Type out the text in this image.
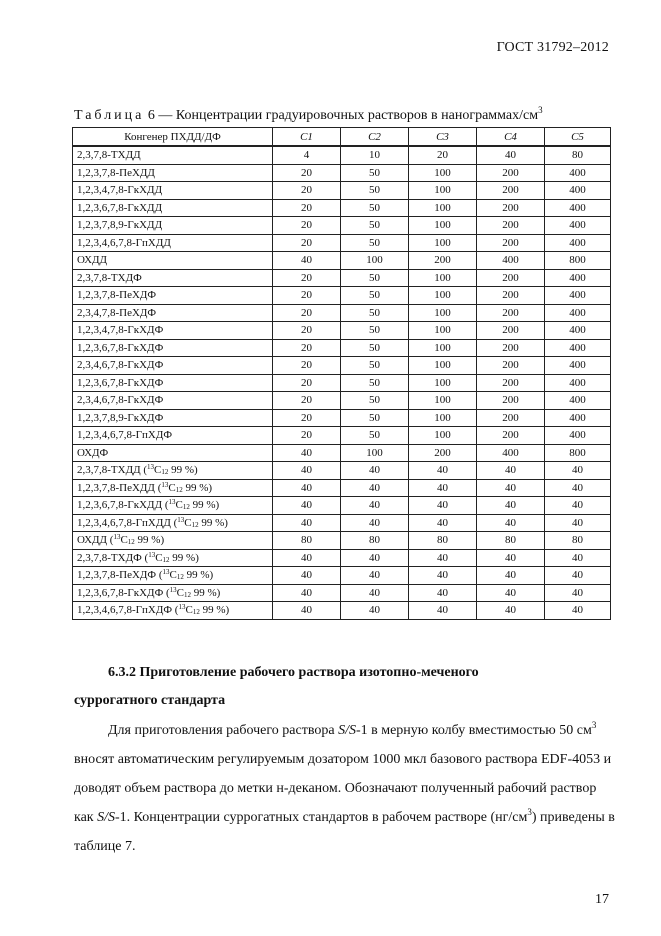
ГОСТ 31792–2012
Таблица 6 — Концентрации градуировочных растворов в нанограммах/$см^3$
Конгенер ПХДД/ДФ	C1	C2	C3	C4	C5
2,3,7,8-ТХДД	4	10	20	40	80
1,2,3,7,8-ПеХДД	20	50	100	200	400
1,2,3,4,7,8-ГкХДД	20	50	100	200	400
1,2,3,6,7,8-ГкХДД	20	50	100	200	400
1,2,3,7,8,9-ГкХДД	20	50	100	200	400
1,2,3,4,6,7,8-ГпХДД	20	50	100	200	400
ОХДД	40	100	200	400	800
2,3,7,8-ТХДФ	20	50	100	200	400
1,2,3,7,8-ПеХДФ	20	50	100	200	400
2,3,4,7,8-ПеХДФ	20	50	100	200	400
1,2,3,4,7,8-ГкХДФ	20	50	100	200	400
1,2,3,6,7,8-ГкХДФ	20	50	100	200	400
2,3,4,6,7,8-ГкХДФ	20	50	100	200	400
1,2,3,6,7,8-ГкХДФ	20	50	100	200	400
2,3,4,6,7,8-ГкХДФ	20	50	100	200	400
1,2,3,7,8,9-ГкХДФ	20	50	100	200	400
1,2,3,4,6,7,8-ГпХДФ	20	50	100	200	400
ОХДФ	40	100	200	400	800
2,3,7,8-ТХДД ($^{13}C_{12}$ 99 %)	40	40	40	40	40
1,2,3,7,8-ПеХДД ($^{13}C_{12}$ 99 %)	40	40	40	40	40
1,2,3,6,7,8-ГкХДД ($^{13}C_{12}$ 99 %)	40	40	40	40	40
1,2,3,4,6,7,8-ГпХДД ($^{13}C_{12}$ 99 %)	40	40	40	40	40
ОХДД ($^{13}C_{12}$ 99 %)	80	80	80	80	80
2,3,7,8-ТХДФ ($^{13}C_{12}$ 99 %)	40	40	40	40	40
1,2,3,7,8-ПеХДФ ($^{13}C_{12}$ 99 %)	40	40	40	40	40
1,2,3,6,7,8-ГкХДФ ($^{13}C_{12}$ 99 %)	40	40	40	40	40
1,2,3,4,6,7,8-ГпХДФ ($^{13}C_{12}$ 99 %)	40	40	40	40	40
6.3.2 Приготовление рабочего раствора изотопно-меченого
суррогатного стандарта
Для приготовления рабочего раствора S/S-1 в мерную колбу вместимостью 50 $см^3$ вносят автоматическим регулируемым дозатором 1000 мкл базового раствора EDF-4053 и доводят объем раствора до метки н-деканом. Обозначают полученный рабочий раствор как S/S-1. Концентрации суррогатных стандартов в рабочем растворе $(нг/см^3)$ приведены в таблице 7.
17
